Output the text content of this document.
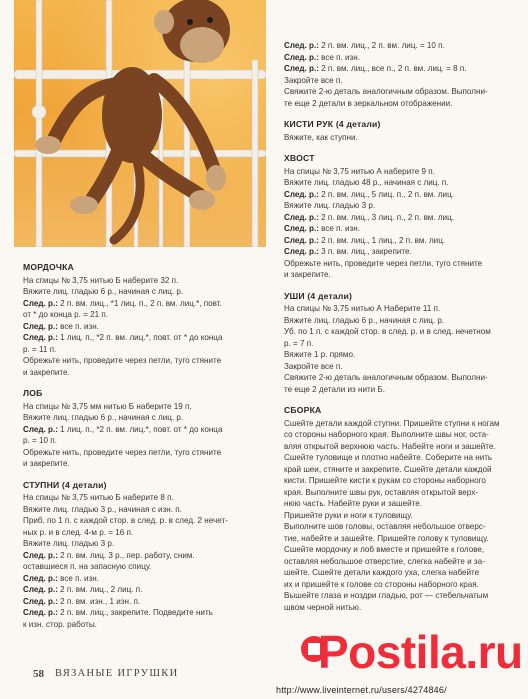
МОРДОЧКА
На спицы № 3,75 нитью Б наберите 32 п.
Вяжите лиц. гладью 6 р., начиная с лиц. р.
След. р.: 2 п. вм. лиц., *1 лиц. п., 2 п. вм. лиц.*, повт.
от * до конца р. = 21 п.
След. р.: все п. изн.
След. р.: 1 лиц. п., *2 п. вм. лиц.*, повт. от * до конца
р. = 11 п.
Обрежьте нить, проведите через петли, туго стяните
и закрепите.
ЛОБ
На спицы № 3,75 мм нитью Б наберите 19 п.
Вяжите лиц. гладью 6 р., начиная с лиц. р.
След. р.: 1 лиц. п., *2 п. вм. лиц.*, повт. от * до конца
р. = 10 п.
Обрежьте нить, проведите через петли, туго стяните
и закрепите.
СТУПНИ (4 детали)
На спицы № 3,75 нитью Б наберите 8 п.
Вяжите лиц. гладью 3 р., начиная с изн. п.
Приб. по 1 п. с каждой стор. в след. р. в след. 2 нечет-
ных р. и в след. 4-м р. = 16 п.
Вяжите лиц. гладью 3 р.
След. р.: 2 п. вм. лиц. 3 р., пер. работу, сним.
оставшиеся п. на запасную спицу.
След. р.: все п. изн.
След. р.: 2 п. вм. лиц., 2 лиц. п.
След. р.: 2 п. вм. изн., 1 изн. п.
След. р.: 2 п. вм. лиц., закрепите. Подведите нить
к изн. стор. работы.
След. р.: 2 п. вм. лиц., 2 п. вм. лиц. = 10 п.
След. р.: все п. изн.
След. р.: 2 п. вм. лиц., все п., 2 п. вм. лиц. = 8 п.
Закройте все п.
Свяжите 2-ю деталь аналогичным образом. Выполни-
те еще 2 детали в зеркальном отображении.
КИСТИ РУК (4 детали)
Вяжите, как ступни.
ХВОСТ
На спицы № 3,75 нитью А наберите 9 п.
Вяжите лиц. гладью 48 р., начиная с лиц. п.
След. р.: 2 п. вм. лиц., 5 лиц. п., 2 п. вм. лиц.
Вяжите лиц. гладью 3 р.
След. р.: 2 п. вм. лиц., 3 лиц. п., 2 п. вм. лиц.
След. р.: все п. изн.
След. р.: 2 п. вм. лиц., 1 лиц., 2 п. вм. лиц.
След. р.: 3 п. вм. лиц., закрепите.
Обрежьте нить, проведите через петли, туго стяните
и закрепите.
УШИ (4 детали)
На спицы № 3,75 нитью А Наберите 11 п.
Вяжите лиц. гладью 6 р., начиная с лиц. р.
Уб. по 1 п. с каждой стор. в след. р. и в след. нечетном
р. = 7 п.
Вяжите 1 р. прямо.
Закройте все п.
Свяжите 2-ю деталь аналогичным образом. Выполни-
те еще 2 детали из нити Б.
СБОРКА
Сшейте детали каждой ступни. Пришейте ступни к ногам
со стороны наборного края. Выполните швы ног, оста-
вляя открытой верхнюю часть. Набейте ноги и зашейте.
Сшейте туловище и плотно набейте. Соберите на нить
край шеи, стяните и закрепите. Сшейте детали каждой
кисти. Пришейте кисти к рукам со стороны наборного
края. Выполните швы рук, оставляя открытой верх-
нюю часть. Набейте руки и зашейте.
Пришейте руки и ноги к туловищу.
Выполните шов головы, оставляя небольшое отверс-
тие, набейте и зашейте. Пришейте голову к туловищу.
Сшейте мордочку и лоб вместе и пришейте к голове,
оставляя небольшое отверстие, слегка набейте и за-
шейте. Сшейте детали каждого уха, слегка набейте
их и пришейте к голове со стороны наборного края.
Вышейте глаза и ноздри гладью, рот — стебельчатым
швом черной нитью.
58 ВЯЗАНЫЕ ИГРУШКИ	Postila.ru
http://www.liveinternet.ru/users/4274846/
